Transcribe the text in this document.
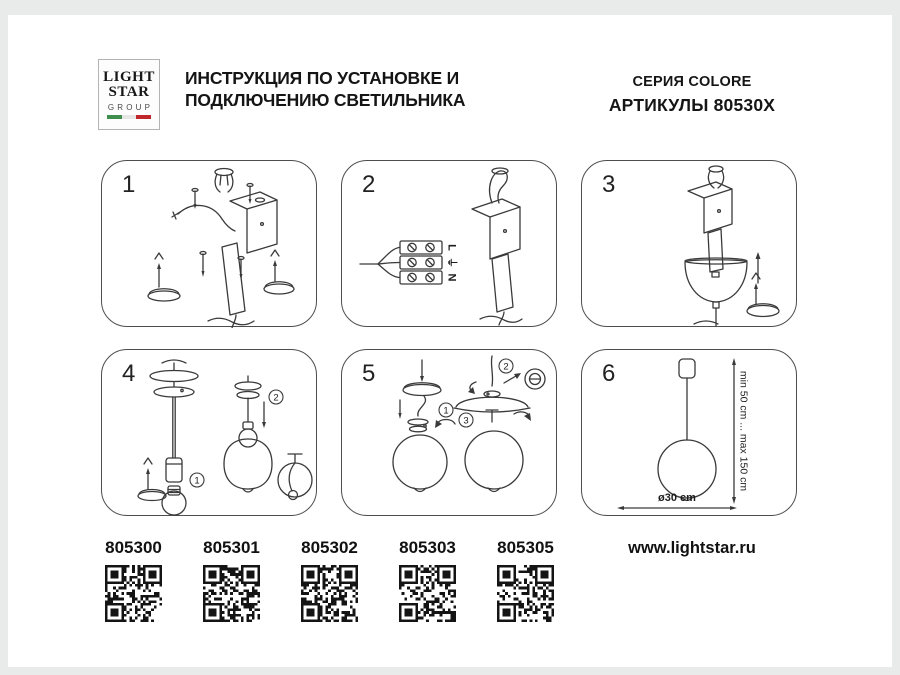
LIGHT
STAR
GROUP
ИНСТРУКЦИЯ ПО УСТАНОВКЕ И
ПОДКЛЮЧЕНИЮ СВЕТИЛЬНИКА
СЕРИЯ COLORE
АРТИКУЛЫ 80530X
1
L
⏚
N
2	3
1
2
4
1
2
3
5	min 50 cm ... max 150 cm
ø30 cm
6
805300 805301 805302 805303 805305	www.lightstar.ru
